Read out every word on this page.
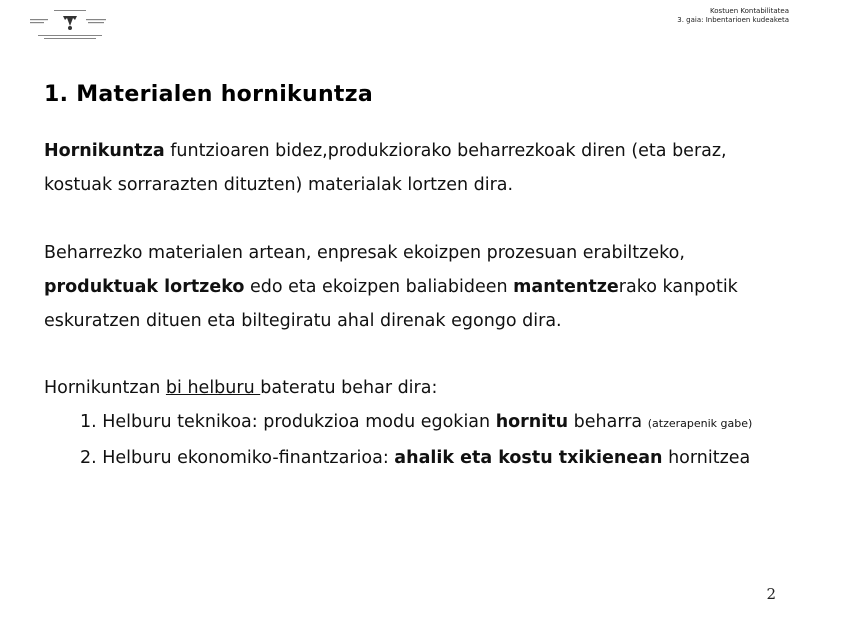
Kostuen Kontabilitatea
3. gaia: Inbentarioen kudeaketa
1. Materialen hornikuntza
Hornikuntza funtzioaren bidez,produkziorako beharrezkoak diren (eta beraz,
kostuak sorrarazten dituzten) materialak lortzen dira.
Beharrezko materialen artean, enpresak ekoizpen prozesuan erabiltzeko,
produktuak lortzeko edo eta ekoizpen baliabideen mantentzerako kanpotik
eskuratzen dituen eta biltegiratu ahal direnak egongo dira.
Hornikuntzan bi helburu bateratu behar dira:
1. Helburu teknikoa: produkzioa modu egokian hornitu beharra (atzerapenik gabe)
2. Helburu ekonomiko-finantzarioa: ahalik eta kostu txikienean hornitzea
2
